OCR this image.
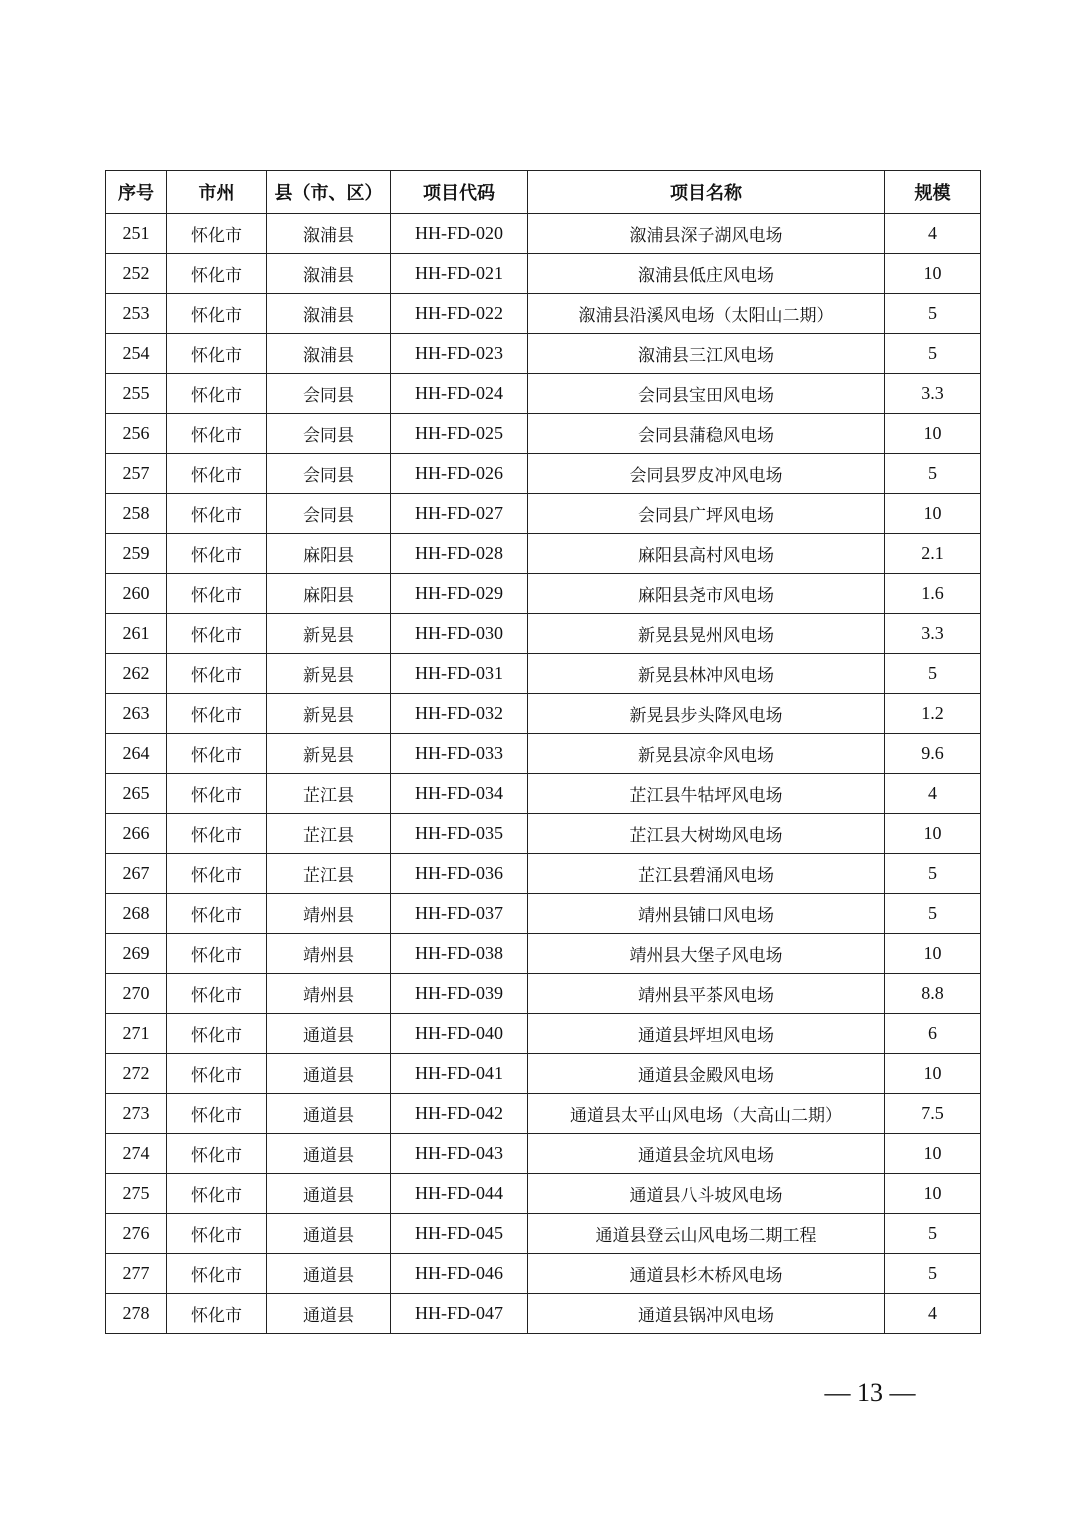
序号	市州	县（市、区）	项目代码	项目名称	规模
251	怀化市	溆浦县	HH-FD-020	溆浦县深子湖风电场	4
252	怀化市	溆浦县	HH-FD-021	溆浦县低庄风电场	10
253	怀化市	溆浦县	HH-FD-022	溆浦县沿溪风电场（太阳山二期）	5
254	怀化市	溆浦县	HH-FD-023	溆浦县三江风电场	5
255	怀化市	会同县	HH-FD-024	会同县宝田风电场	3.3
256	怀化市	会同县	HH-FD-025	会同县蒲稳风电场	10
257	怀化市	会同县	HH-FD-026	会同县罗皮冲风电场	5
258	怀化市	会同县	HH-FD-027	会同县广坪风电场	10
259	怀化市	麻阳县	HH-FD-028	麻阳县高村风电场	2.1
260	怀化市	麻阳县	HH-FD-029	麻阳县尧市风电场	1.6
261	怀化市	新晃县	HH-FD-030	新晃县晃州风电场	3.3
262	怀化市	新晃县	HH-FD-031	新晃县林冲风电场	5
263	怀化市	新晃县	HH-FD-032	新晃县步头降风电场	1.2
264	怀化市	新晃县	HH-FD-033	新晃县凉伞风电场	9.6
265	怀化市	芷江县	HH-FD-034	芷江县牛牯坪风电场	4
266	怀化市	芷江县	HH-FD-035	芷江县大树坳风电场	10
267	怀化市	芷江县	HH-FD-036	芷江县碧涌风电场	5
268	怀化市	靖州县	HH-FD-037	靖州县铺口风电场	5
269	怀化市	靖州县	HH-FD-038	靖州县大堡子风电场	10
270	怀化市	靖州县	HH-FD-039	靖州县平茶风电场	8.8
271	怀化市	通道县	HH-FD-040	通道县坪坦风电场	6
272	怀化市	通道县	HH-FD-041	通道县金殿风电场	10
273	怀化市	通道县	HH-FD-042	通道县太平山风电场（大高山二期）	7.5
274	怀化市	通道县	HH-FD-043	通道县金坑风电场	10
275	怀化市	通道县	HH-FD-044	通道县八斗坡风电场	10
276	怀化市	通道县	HH-FD-045	通道县登云山风电场二期工程	5
277	怀化市	通道县	HH-FD-046	通道县杉木桥风电场	5
278	怀化市	通道县	HH-FD-047	通道县锅冲风电场	4
— 13 —
